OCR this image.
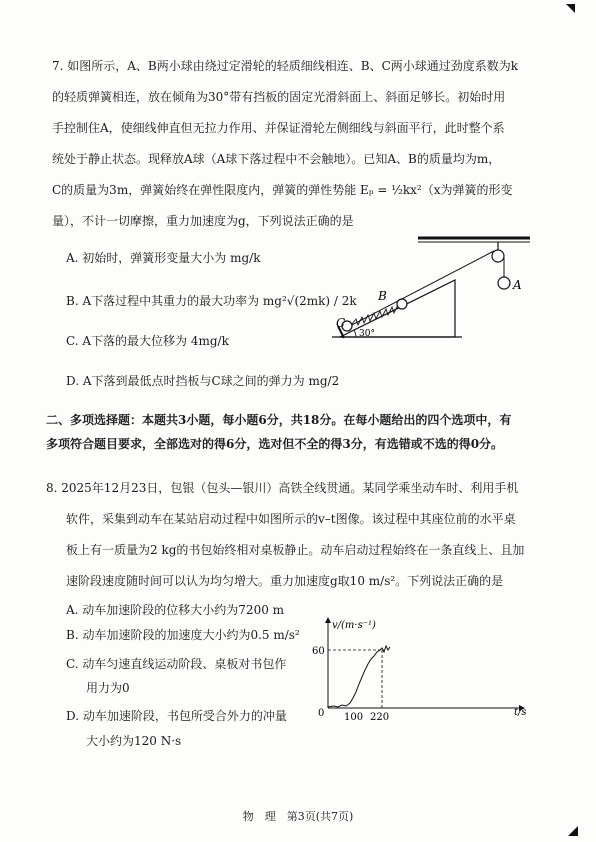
7. 如图所示，A、B两小球由绕过定滑轮的轻质细线相连、B、C两小球通过劲度系数为k
的轻质弹簧相连，放在倾角为30°带有挡板的固定光滑斜面上、斜面足够长。初始时用
手控制住A，使细线伸直但无拉力作用、并保证滑轮左侧细线与斜面平行，此时整个系
统处于静止状态。现释放A球（A球下落过程中不会触地）。已知A、B的质量均为m，
C的质量为3m，弹簧始终在弹性限度内，弹簧的弹性势能 Eₚ = ½kx²（x为弹簧的形变
量），不计一切摩擦，重力加速度为g，下列说法正确的是
A. 初始时，弹簧形变量大小为 mg/k
B. A下落过程中其重力的最大功率为 mg²√(2mk) / 2k
C. A下落的最大位移为 4mg/k
D. A下落到最低点时挡板与C球之间的弹力为 mg/2
A
C
B
30°
二、多项选择题：本题共3小题，每小题6分，共18分。在每小题给出的四个选项中，有
多项符合题目要求，全部选对的得6分，选对但不全的得3分，有选错或不选的得0分。
8. 2025年12月23日，包银（包头—银川）高铁全线贯通。某同学乘坐动车时、利用手机
软件，采集到动车在某站启动过程中如图所示的v–t图像。该过程中其座位前的水平桌
板上有一质量为2 kg的书包始终相对桌板静止。动车启动过程始终在一条直线上、且加
速阶段速度随时间可以认为均匀增大。重力加速度g取10 m/s²。下列说法正确的是
A. 动车加速阶段的位移大小约为7200 m
B. 动车加速阶段的加速度大小约为0.5 m/s²
C. 动车匀速直线运动阶段、桌板对书包作
用力为0
D. 动车加速阶段，书包所受合外力的冲量
大小约为120 N·s
v/(m·s⁻¹)
t/s
0
60
100 220
物　理　第3页(共7页)
